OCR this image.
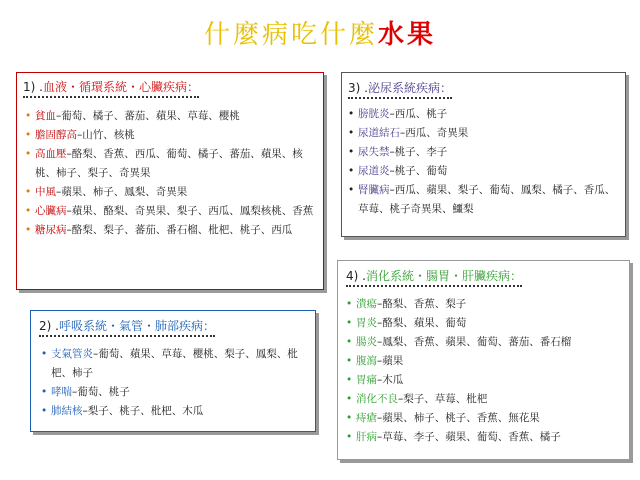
什麼病吃什麼水果
1) .血液・循環系統・心臟疾病：
• 貧血–葡萄、橘子、蕃茄、蘋果、草莓、櫻桃
• 膽固醇高–山竹、核桃
• 高血壓–酪梨、香蕉、西瓜、葡萄、橘子、蕃茄、蘋果、核桃、柿子、梨子、奇異果
• 中風–蘋果、柿子、鳳梨、奇異果
• 心臟病–蘋果、酪梨、奇異果、梨子、西瓜、鳳梨核桃、香蕉
• 糖尿病–酪梨、梨子、蕃茄、番石榴、枇杷、桃子、西瓜
2) .呼吸系統・氣管・肺部疾病：
• 支氣管炎–葡萄、蘋果、草莓、櫻桃、梨子、鳳梨、枇杷、柿子
• 哮喘–葡萄、桃子
• 肺結核–梨子、桃子、枇杷、木瓜
3) .泌尿系統疾病：
• 膀胱炎–西瓜、桃子
• 尿道結石–西瓜、奇異果
• 尿失禁–桃子、李子
• 尿道炎–桃子、葡萄
• 腎臟病–西瓜、蘋果、梨子、葡萄、鳳梨、橘子、香瓜、草莓、桃子奇異果、鱷梨
4) .消化系統・腸胃・肝臟疾病：
• 潰瘍–酪梨、香蕉、梨子
• 胃炎–酪梨、蘋果、葡萄
• 腸炎–鳳梨、香蕉、蘋果、葡萄、蕃茄、番石榴
• 腹瀉–蘋果
• 胃痛–木瓜
• 消化不良–梨子、草莓、枇杷
• 痔瘡–蘋果、柿子、桃子、香蕉、無花果
• 肝病–草莓、李子、蘋果、葡萄、香蕉、橘子
